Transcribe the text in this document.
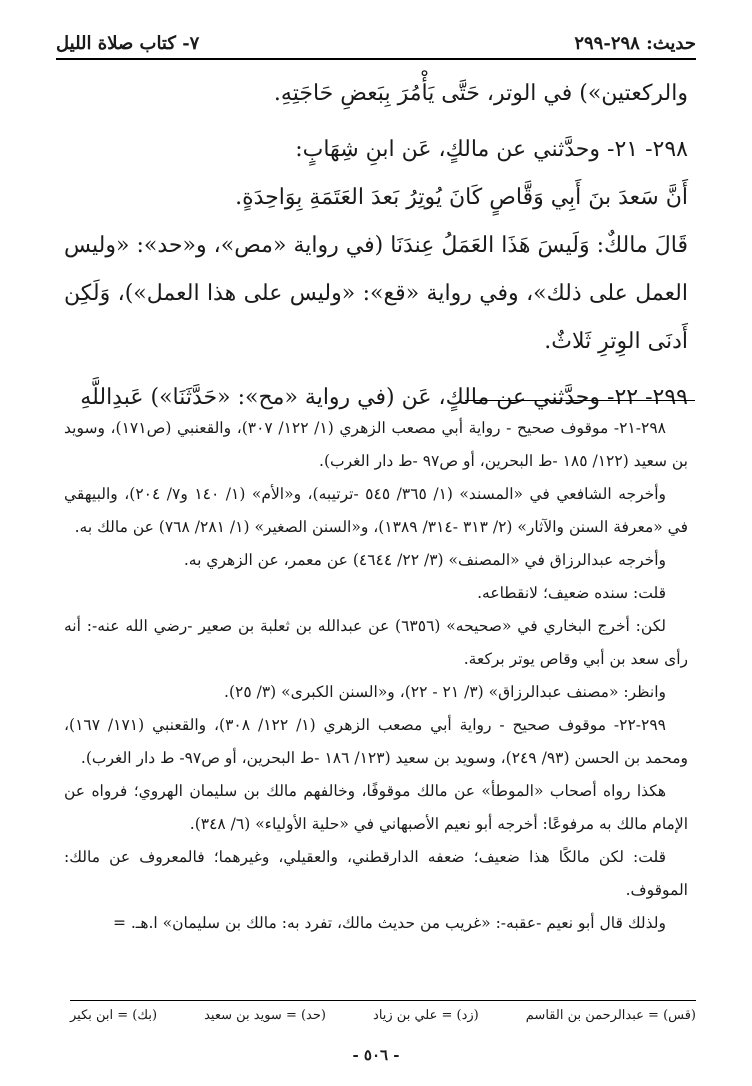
حديث: ٢٩٨-٢٩٩
٧- كتاب صلاة الليل

والركعتين») في الوتر، حَتَّى يَأْمُرَ بِبَعضِ حَاجَتِهِ.

٢٩٨- ٢١- وحدَّثني عن مالكٍ، عَن ابنِ شِهَابٍ:

أَنَّ سَعدَ بنَ أَبِي وَقَّاصٍ كَانَ يُوتِرُ بَعدَ العَتَمَةِ بِوَاحِدَةٍ.

قَالَ مالكٌ: وَلَيسَ هَذَا العَمَلُ عِندَنَا (في رواية «مص»، و«حد»: «وليس العمل على ذلك»، وفي رواية «قع»: «وليس على هذا العمل»)، وَلَكِن أَدنَى الوِترِ ثَلاثٌ.

٢٩٩- ٢٢- وحدَّثني عن مالكٍ، عَن (في رواية «مح»: «حَدَّثَنَا») عَبدِاللَّهِ

٢٩٨-٢١- موقوف صحيح - رواية أبي مصعب الزهري (١/ ١٢٢/ ٣٠٧)، والقعنبي (ص١٧١)، وسويد بن سعيد (١٢٢/ ١٨٥ -ط البحرين، أو ص٩٧ -ط دار الغرب).

وأخرجه الشافعي في «المسند» (١/ ٣٦٥/ ٥٤٥ -ترتيبه)، و«الأم» (١/ ١٤٠ و٧/ ٢٠٤)، والبيهقي في «معرفة السنن والآثار» (٢/ ٣١٣ -٣١٤/ ١٣٨٩)، و«السنن الصغير» (١/ ٢٨١/ ٧٦٨) عن مالك به.

وأخرجه عبدالرزاق في «المصنف» (٣/ ٢٢/ ٤٦٤٤) عن معمر، عن الزهري به.

قلت: سنده ضعيف؛ لانقطاعه.

لكن: أخرج البخاري في «صحيحه» (٦٣٥٦) عن عبدالله بن ثعلبة بن صعير -رضي الله عنه-: أنه رأى سعد بن أبي وقاص يوتر بركعة.

وانظر: «مصنف عبدالرزاق» (٣/ ٢١ - ٢٢)، و«السنن الكبرى» (٣/ ٢٥).

٢٩٩-٢٢- موقوف صحيح - رواية أبي مصعب الزهري (١/ ١٢٢/ ٣٠٨)، والقعنبي (١٧١/ ١٦٧)، ومحمد بن الحسن (٩٣/ ٢٤٩)، وسويد بن سعيد (١٢٣/ ١٨٦ -ط البحرين، أو ص٩٧- ط دار الغرب).

هكذا رواه أصحاب «الموطأ» عن مالك موقوفًا، وخالفهم مالك بن سليمان الهروي؛ فرواه عن الإمام مالك به مرفوعًا: أخرجه أبو نعيم الأصبهاني في «حلية الأولياء» (٦/ ٣٤٨).

قلت: لكن مالكًا هذا ضعيف؛ ضعفه الدارقطني، والعقيلي، وغيرهما؛ فالمعروف عن مالك: الموقوف.

ولذلك قال أبو نعيم -عقبه-: «غريب من حديث مالك، تفرد به: مالك بن سليمان» ا.هـ. =

(قس) = عبدالرحمن بن القاسم
(زد) = علي بن زياد
(حد) = سويد بن سعيد
(بك) = ابن بكير
- ٥٠٦ -
